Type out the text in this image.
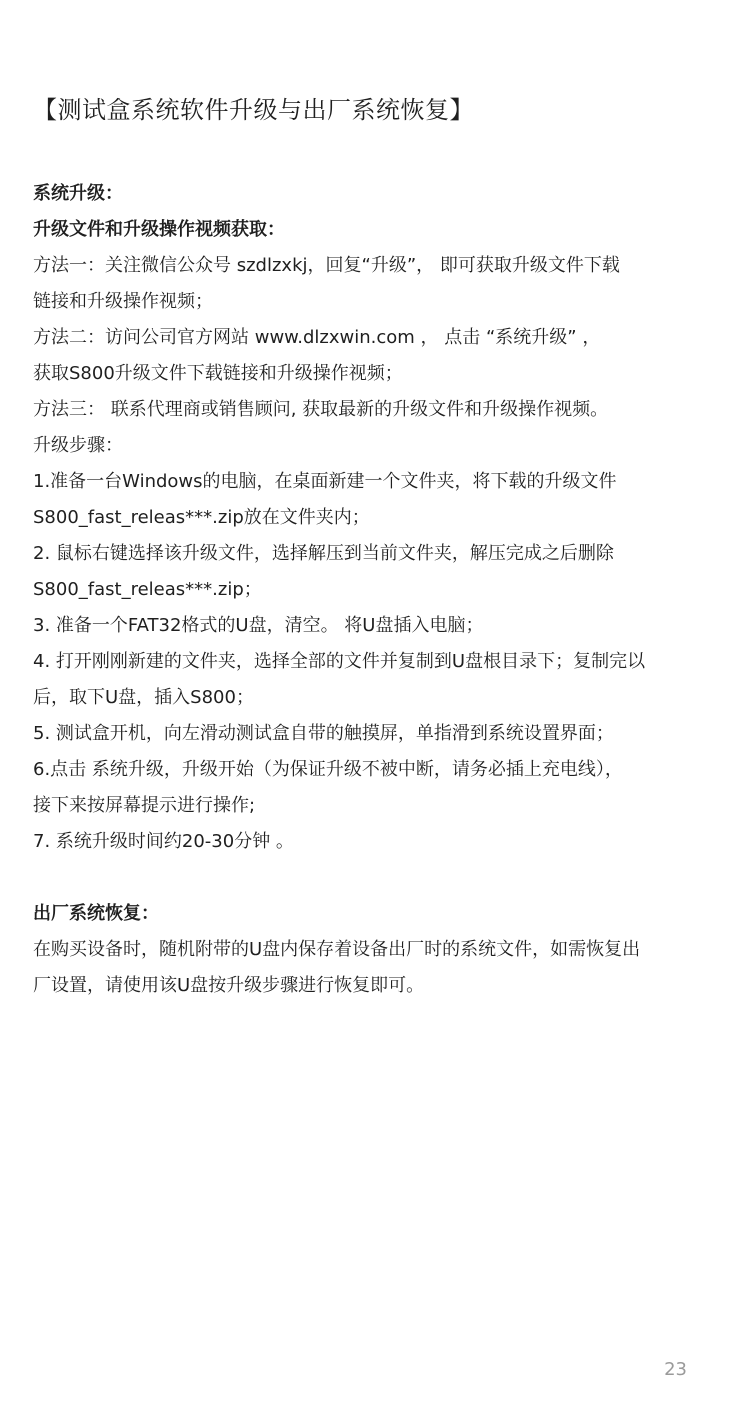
【测试盒系统软件升级与出厂系统恢复】
系统升级：
升级文件和升级操作视频获取：
方法一：关注微信公众号 szdlzxkj，回复“升级”， 即可获取升级文件下载
链接和升级操作视频；
方法二：访问公司官方网站 www.dlzxwin.com ， 点击 “系统升级” ，
获取S800升级文件下载链接和升级操作视频；
方法三： 联系代理商或销售顾问, 获取最新的升级文件和升级操作视频。
升级步骤：
1.准备一台Windows的电脑，在桌面新建一个文件夹，将下载的升级文件
S800_fast_releas***.zip放在文件夹内；
2. 鼠标右键选择该升级文件，选择解压到当前文件夹，解压完成之后删除
S800_fast_releas***.zip；
3. 准备一个FAT32格式的U盘，清空。 将U盘插入电脑；
4. 打开刚刚新建的文件夹，选择全部的文件并复制到U盘根目录下；复制完以
后，取下U盘，插入S800；
5. 测试盒开机，向左滑动测试盒自带的触摸屏，单指滑到系统设置界面；
6.点击 系统升级，升级开始（为保证升级不被中断，请务必插上充电线），
接下来按屏幕提示进行操作;
7. 系统升级时间约20-30分钟 。
出厂系统恢复：
在购买设备时，随机附带的U盘内保存着设备出厂时的系统文件，如需恢复出
厂设置，请使用该U盘按升级步骤进行恢复即可。
23
